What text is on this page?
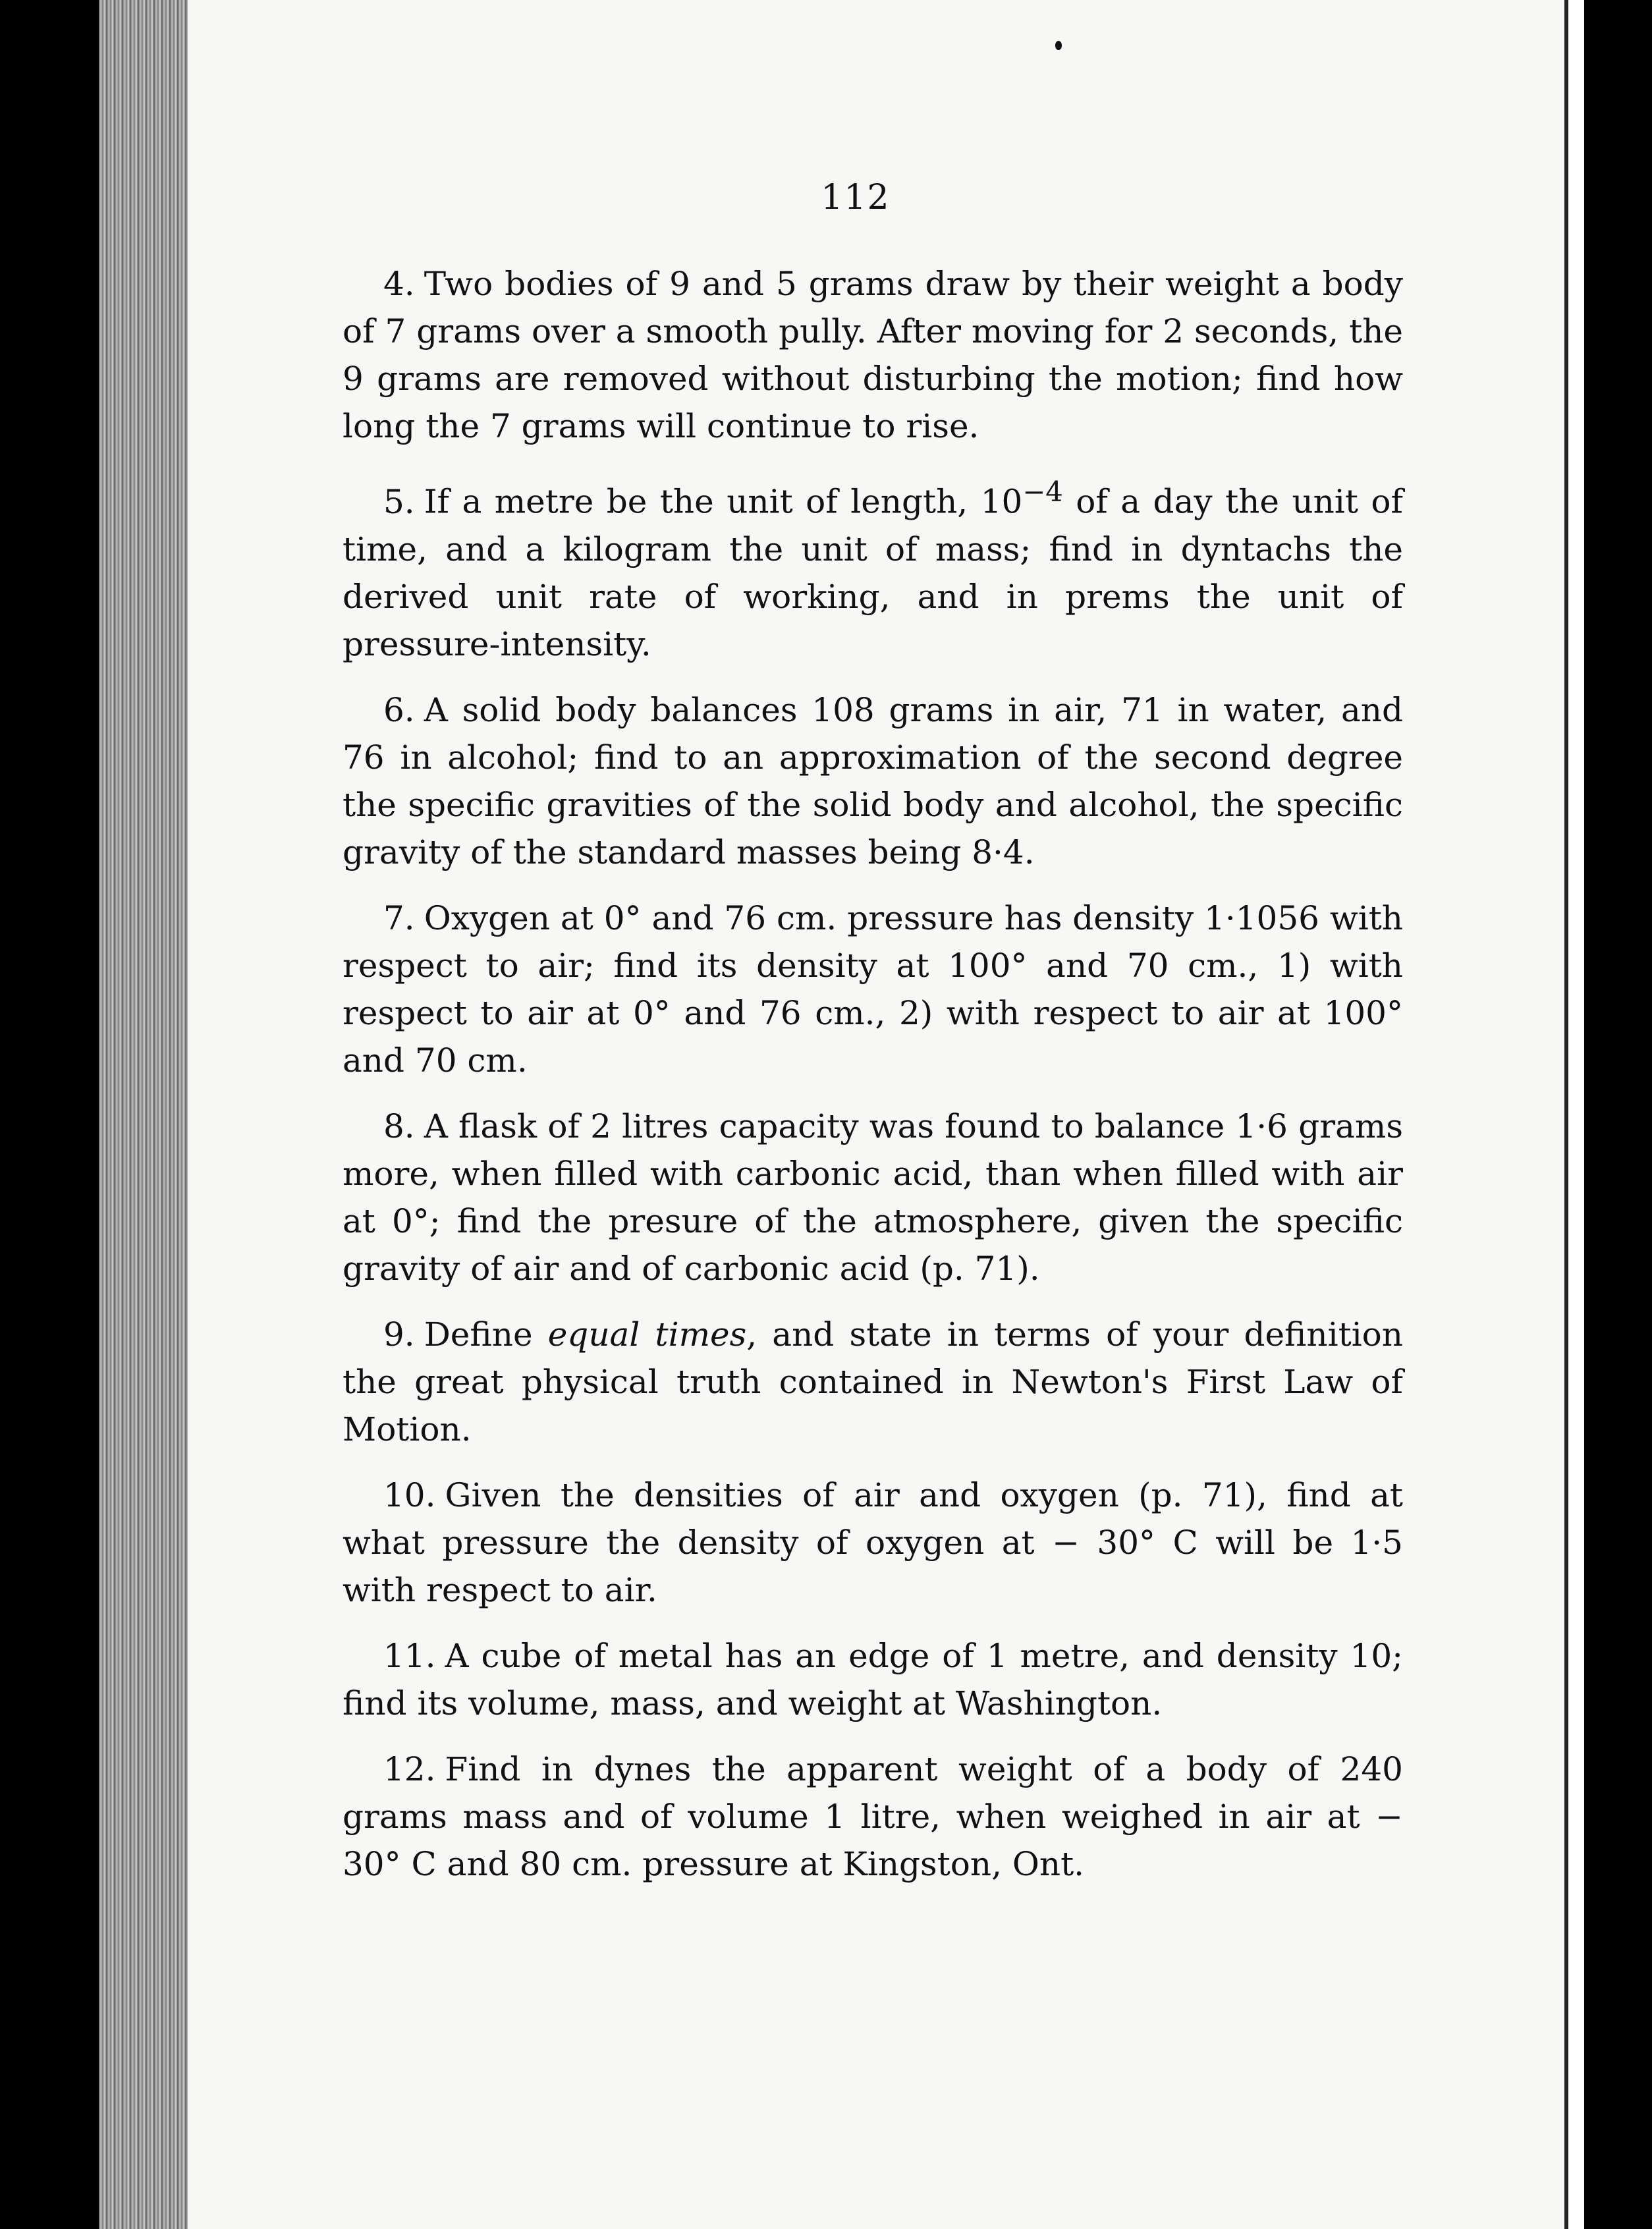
112

4. Two bodies of 9 and 5 grams draw by their weight a body of 7 grams over a smooth pully. After moving for 2 seconds, the 9 grams are removed without disturbing the motion; find how long the 7 grams will continue to rise.

5. If a metre be the unit of length, $10^{-4}$ of a day the unit of time, and a kilogram the unit of mass; find in dyntachs the derived unit rate of working, and in prems the unit of pressure-intensity.

6. A solid body balances 108 grams in air, 71 in water, and 76 in alcohol; find to an approximation of the second degree the specific gravities of the solid body and alcohol, the specific gravity of the standard masses being 8·4.

7. Oxygen at 0° and 76 cm. pressure has density 1·1056 with respect to air; find its density at 100° and 70 cm., 1) with respect to air at 0° and 76 cm., 2) with respect to air at 100° and 70 cm.

8. A flask of 2 litres capacity was found to balance 1·6 grams more, when filled with carbonic acid, than when filled with air at 0°; find the presure of the atmosphere, given the specific gravity of air and of carbonic acid (p. 71).

9. Define equal times, and state in terms of your definition the great physical truth contained in Newton's First Law of Motion.

10. Given the densities of air and oxygen (p. 71), find at what pressure the density of oxygen at − 30° C will be 1·5 with respect to air.

11. A cube of metal has an edge of 1 metre, and density 10; find its volume, mass, and weight at Washington.

12. Find in dynes the apparent weight of a body of 240 grams mass and of volume 1 litre, when weighed in air at − 30° C and 80 cm. pressure at Kingston, Ont.
